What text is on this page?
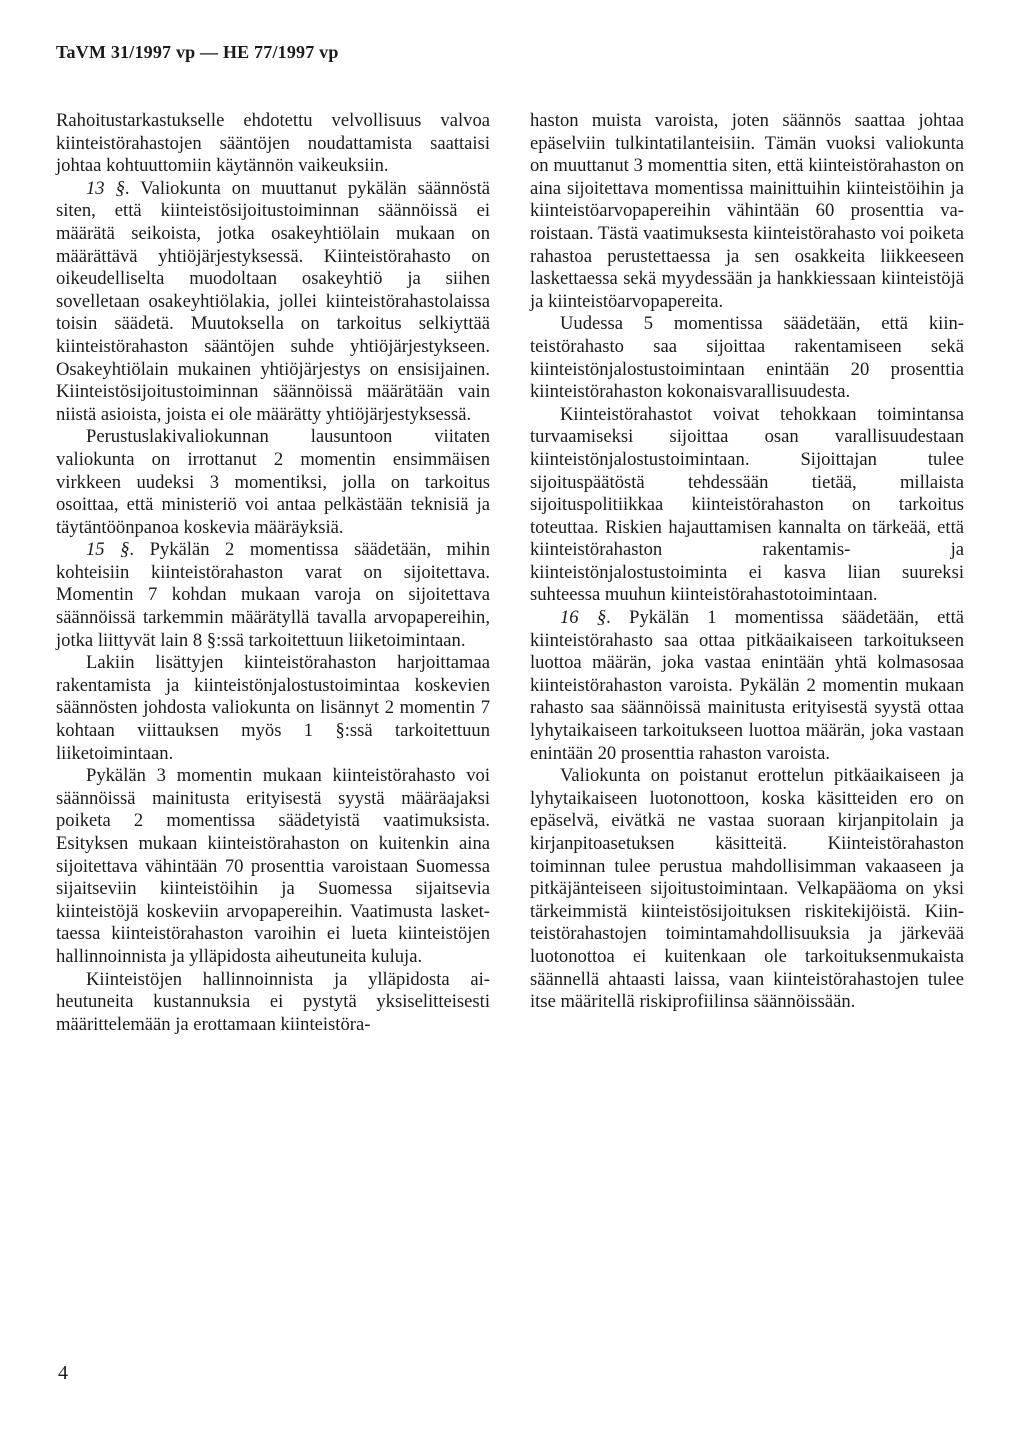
TaVM 31/1997 vp — HE 77/1997 vp

Rahoitustarkastukselle ehdotettu velvollisuus valvoa kiinteistörahastojen sääntöjen noudattamista saattaisi johtaa kohtuuttomiin käytännön vaikeuksiin.

13 §. Valiokunta on muuttanut pykälän säännöstä siten, että kiinteistösijoitustoiminnan säännöissä ei määrätä seikoista, jotka osakeyhtiölain mukaan on määrättävä yhtiöjärjestyksessä. Kiinteistörahasto on oikeudelliselta muodoltaan osakeyhtiö ja siihen sovelletaan osakeyhtiölakia, jollei kiinteistörahastolaissa toisin säädetä. Muutoksella on tarkoitus selkiyttää kiinteistörahaston sääntöjen suhde yhtiöjärjestykseen. Osakeyhtiölain mukainen yhtiöjärjestys on ensisijainen. Kiinteistösijoitustoiminnan säännöissä määrätään vain niistä asioista, joista ei ole määrätty yhtiöjärjestyksessä.

Perustuslakivaliokunnan lausuntoon viitaten valiokunta on irrottanut 2 momentin ensimmäisen virkkeen uudeksi 3 momentiksi, jolla on tarkoitus osoittaa, että ministeriö voi antaa pelkästään teknisiä ja täytäntöönpanoa koskevia määräyksiä.

15 §. Pykälän 2 momentissa säädetään, mihin kohteisiin kiinteistörahaston varat on sijoitettava. Momentin 7 kohdan mukaan varoja on sijoitettava säännöissä tarkemmin määrätyllä tavalla arvopapereihin, jotka liittyvät lain 8 §:ssä tarkoitettuun liiketoimintaan.

Lakiin lisättyjen kiinteistörahaston harjoittamaa rakentamista ja kiinteistönjalostustoimintaa koskevien säännösten johdosta valiokunta on lisännyt 2 momentin 7 kohtaan viittauksen myös 1 §:ssä tarkoitettuun liiketoimintaan.

Pykälän 3 momentin mukaan kiinteistörahasto voi säännöissä mainitusta erityisestä syystä määräajaksi poiketa 2 momentissa säädetyistä vaatimuksista. Esityksen mukaan kiinteistörahaston on kuitenkin aina sijoitettava vähintään 70 prosenttia varoistaan Suomessa sijaitseviin kiinteistöihin ja Suomessa sijaitsevia kiinteistöjä koskeviin arvopapereihin. Vaatimusta laskettaessa kiinteistörahaston varoihin ei lueta kiinteistöjen hallinnoinnista ja ylläpidosta aiheutuneita kuluja.

Kiinteistöjen hallinnoinnista ja ylläpidosta aiheutuneita kustannuksia ei pystytä yksiselitteisesti määrittelemään ja erottamaan kiinteistöra-

haston muista varoista, joten säännös saattaa johtaa epäselviin tulkintatilanteisiin. Tämän vuoksi valiokunta on muuttanut 3 momenttia siten, että kiinteistörahaston on aina sijoitettava momentissa mainittuihin kiinteistöihin ja kiinteistöarvopapereihin vähintään 60 prosenttia varoistaan. Tästä vaatimuksesta kiinteistörahasto voi poiketa rahastoa perustettaessa ja sen osakkeita liikkeeseen laskettaessa sekä myydessään ja hankkiessaan kiinteistöjä ja kiinteistöarvopapereita.

Uudessa 5 momentissa säädetään, että kiinteistörahasto saa sijoittaa rakentamiseen sekä kiinteistönjalostustoimintaan enintään 20 prosenttia kiinteistörahaston kokonaisvarallisuudesta.

Kiinteistörahastot voivat tehokkaan toimintansa turvaamiseksi sijoittaa osan varallisuudestaan kiinteistönjalostustoimintaan. Sijoittajan tulee sijoituspäätöstä tehdessään tietää, millaista sijoituspolitiikkaa kiinteistörahaston on tarkoitus toteuttaa. Riskien hajauttamisen kannalta on tärkeää, että kiinteistörahaston rakentamis- ja kiinteistönjalostustoiminta ei kasva liian suureksi suhteessa muuhun kiinteistörahastotoimintaan.

16 §. Pykälän 1 momentissa säädetään, että kiinteistörahasto saa ottaa pitkäaikaiseen tarkoitukseen luottoa määrän, joka vastaa enintään yhtä kolmasosaa kiinteistörahaston varoista. Pykälän 2 momentin mukaan rahasto saa säännöissä mainitusta erityisestä syystä ottaa lyhytaikaiseen tarkoitukseen luottoa määrän, joka vastaan enintään 20 prosenttia rahaston varoista.

Valiokunta on poistanut erottelun pitkäaikaiseen ja lyhytaikaiseen luotonottoon, koska käsitteiden ero on epäselvä, eivätkä ne vastaa suoraan kirjanpitolain ja kirjanpitoasetuksen käsitteitä. Kiinteistörahaston toiminnan tulee perustua mahdollisimman vakaaseen ja pitkäjänteiseen sijoitustoimintaan. Velkapääoma on yksi tärkeimmistä kiinteistösijoituksen riskitekijöistä. Kiinteistörahastojen toimintamahdollisuuksia ja järkevää luotonottoa ei kuitenkaan ole tarkoituksenmukaista säännellä ahtaasti laissa, vaan kiinteistörahastojen tulee itse määritellä riskiprofiilinsa säännöissään.

4
